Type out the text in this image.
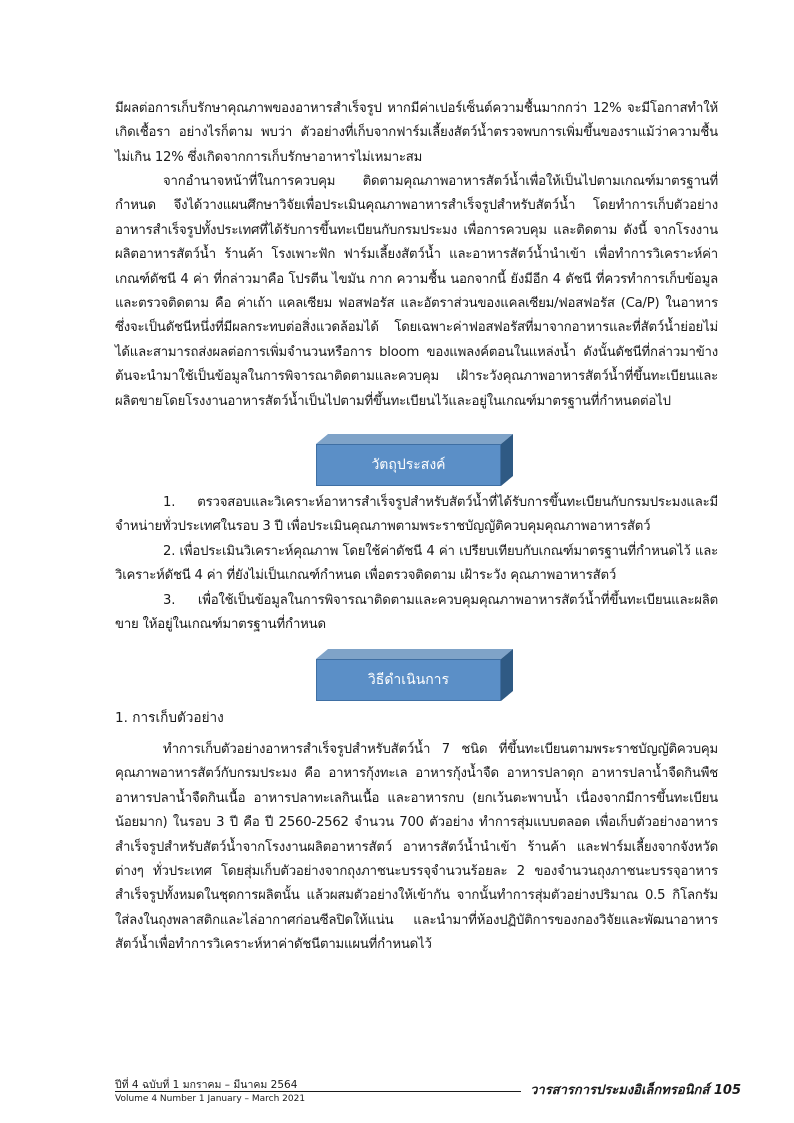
มีผลต่อการเก็บรักษาคุณภาพของอาหารสำเร็จรูป หากมีค่าเปอร์เซ็นต์ความชื้นมากกว่า 12% จะมีโอกาสทำให้เกิดเชื้อรา อย่างไรก็ตาม พบว่า ตัวอย่างที่เก็บจากฟาร์มเลี้ยงสัตว์น้ำตรวจพบการเพิ่มขึ้นของราแม้ว่าความชื้นไม่เกิน 12% ซึ่งเกิดจากการเก็บรักษาอาหารไม่เหมาะสม

จากอำนาจหน้าที่ในการควบคุม ติดตามคุณภาพอาหารสัตว์น้ำเพื่อให้เป็นไปตามเกณฑ์มาตรฐานที่กำหนด จึงได้วางแผนศึกษาวิจัยเพื่อประเมินคุณภาพอาหารสำเร็จรูปสำหรับสัตว์น้ำ โดยทำการเก็บตัวอย่างอาหารสำเร็จรูปทั้งประเทศที่ได้รับการขึ้นทะเบียนกับกรมประมง เพื่อการควบคุม และติดตาม ดังนี้ จากโรงงานผลิตอาหารสัตว์น้ำ ร้านค้า โรงเพาะฟัก ฟาร์มเลี้ยงสัตว์น้ำ และอาหารสัตว์น้ำนำเข้า เพื่อทำการวิเคราะห์ค่าเกณฑ์ดัชนี 4 ค่า ที่กล่าวมาคือ โปรตีน ไขมัน กาก ความชื้น นอกจากนี้ ยังมีอีก 4 ดัชนี ที่ควรทำการเก็บข้อมูลและตรวจติดตาม คือ ค่าเถ้า แคลเซียม ฟอสฟอรัส และอัตราส่วนของแคลเซียม/ฟอสฟอรัส (Ca/P) ในอาหาร ซึ่งจะเป็นดัชนีหนึ่งที่มีผลกระทบต่อสิ่งแวดล้อมได้ โดยเฉพาะค่าฟอสฟอรัสที่มาจากอาหารและที่สัตว์น้ำย่อยไม่ได้และสามารถส่งผลต่อการเพิ่มจำนวนหรือการ bloom ของแพลงค์ตอนในแหล่งน้ำ ดังนั้นดัชนีที่กล่าวมาข้างต้นจะนำมาใช้เป็นข้อมูลในการพิจารณาติดตามและควบคุม เฝ้าระวังคุณภาพอาหารสัตว์น้ำที่ขึ้นทะเบียนและผลิตขายโดยโรงงานอาหารสัตว์น้ำเป็นไปตามที่ขึ้นทะเบียนไว้และอยู่ในเกณฑ์มาตรฐานที่กำหนดต่อไป

วัตถุประสงค์

1. ตรวจสอบและวิเคราะห์อาหารสำเร็จรูปสำหรับสัตว์น้ำที่ได้รับการขึ้นทะเบียนกับกรมประมงและมีจำหน่ายทั่วประเทศในรอบ 3 ปี เพื่อประเมินคุณภาพตามพระราชบัญญัติควบคุมคุณภาพอาหารสัตว์

2. เพื่อประเมินวิเคราะห์คุณภาพ โดยใช้ค่าดัชนี 4 ค่า เปรียบเทียบกับเกณฑ์มาตรฐานที่กำหนดไว้ และวิเคราะห์ดัชนี 4 ค่า ที่ยังไม่เป็นเกณฑ์กำหนด เพื่อตรวจติดตาม เฝ้าระวัง คุณภาพอาหารสัตว์

3. เพื่อใช้เป็นข้อมูลในการพิจารณาติดตามและควบคุมคุณภาพอาหารสัตว์น้ำที่ขึ้นทะเบียนและผลิตขาย ให้อยู่ในเกณฑ์มาตรฐานที่กำหนด

วิธีดำเนินการ
1. การเก็บตัวอย่าง

ทำการเก็บตัวอย่างอาหารสำเร็จรูปสำหรับสัตว์น้ำ 7 ชนิด ที่ขึ้นทะเบียนตามพระราชบัญญัติควบคุมคุณภาพอาหารสัตว์กับกรมประมง คือ อาหารกุ้งทะเล อาหารกุ้งน้ำจืด อาหารปลาดุก อาหารปลาน้ำจืดกินพืช อาหารปลาน้ำจืดกินเนื้อ อาหารปลาทะเลกินเนื้อ และอาหารกบ (ยกเว้นตะพาบน้ำ เนื่องจากมีการขึ้นทะเบียนน้อยมาก) ในรอบ 3 ปี คือ ปี 2560-2562 จำนวน 700 ตัวอย่าง ทำการสุ่มแบบตลอด เพื่อเก็บตัวอย่างอาหารสำเร็จรูปสำหรับสัตว์น้ำจากโรงงานผลิตอาหารสัตว์ อาหารสัตว์น้ำนำเข้า ร้านค้า และฟาร์มเลี้ยงจากจังหวัดต่างๆ ทั่วประเทศ โดยสุ่มเก็บตัวอย่างจากถุงภาชนะบรรจุจำนวนร้อยละ 2 ของจำนวนถุงภาชนะบรรจุอาหารสำเร็จรูปทั้งหมดในชุดการผลิตนั้น แล้วผสมตัวอย่างให้เข้ากัน จากนั้นทำการสุ่มตัวอย่างปริมาณ 0.5 กิโลกรัม ใส่ลงในถุงพลาสติกและไล่อากาศก่อนซีลปิดให้แน่น และนำมาที่ห้องปฏิบัติการของกองวิจัยและพัฒนาอาหารสัตว์น้ำเพื่อทำการวิเคราะห์หาค่าดัชนีตามแผนที่กำหนดไว้

ปีที่ 4 ฉบับที่ 1 มกราคม – มีนาคม 2564
Volume 4 Number 1 January – March 2021
วารสารการประมงอิเล็กทรอนิกส์ 105
